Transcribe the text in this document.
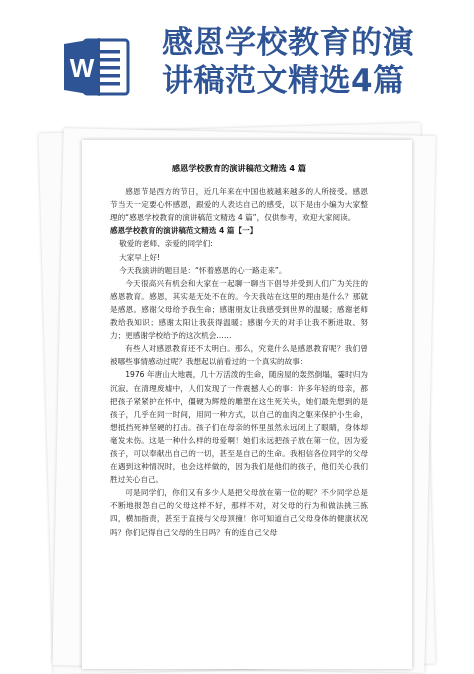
W
感恩学校教育的演
讲稿范文精选4篇

感恩学校教育的演讲稿范文精选 4 篇

感恩节是西方的节日，近几年来在中国也被越来越多的人所接受。感恩节当天一定要心怀感恩，跟爱的人表达自己的感受，以下是由小编为大家整理的“感恩学校教育的演讲稿范文精选 4 篇”，仅供参考，欢迎大家阅读。

感恩学校教育的演讲稿范文精选 4 篇【一】

敬爱的老师、亲爱的同学们:

大家早上好!

今天我演讲的题目是：“怀着感恩的心一路走来”。

今天很高兴有机会和大家在一起聊一聊当下倡导并受到人们广为关注的感恩教育。感恩，其实是无处不在的。今天我站在这里的理由是什么？那就是感恩。感谢父母给予我生命；感谢朋友让我感受到世界的温暖；感谢老师教给我知识；感谢太阳让我获得温暖；感谢今天的对手让我不断进取、努力；更感谢学校给予的这次机会……

有些人对感恩教育还不太明白。那么，究竟什么是感恩教育呢？我们曾被哪些事情感动过呢？我想起以前看过的一个真实的故事：

1976 年唐山大地震，几十万活泼的生命，随房屋的轰然倒塌，霎时归为沉寂。在清理废墟中，人们发现了一件震撼人心的事：许多年轻的母亲，都把孩子紧紧护在怀中，僵硬为辉煌的雕塑在这生死关头，她们最先想到的是孩子，几乎在同一时间，用同一种方式，以自己的血肉之躯来保护小生命，想抵挡死神坚硬的打击。孩子们在母亲的怀里虽然永远闭上了眼睛，身体却毫发未伤。这是一种什么样的母爱啊！她们永远把孩子放在第一位，因为爱孩子，可以奉献出自己的一切，甚至是自己的生命。我相信各位同学的父母在遇到这种情况时，也会这样做的，因为我们是他们的孩子，他们关心我们胜过关心自己。

可是同学们，你们又有多少人是把父母放在第一位的呢？不少同学总是不断地报怨自己的父母这样不好，那样不对，对父母的行为和做法挑三拣四，横加指责，甚至于直接与父母顶撞！你可知道自己父母身体的健康状况吗？你们记得自己父母的生日吗？有的连自己父母
